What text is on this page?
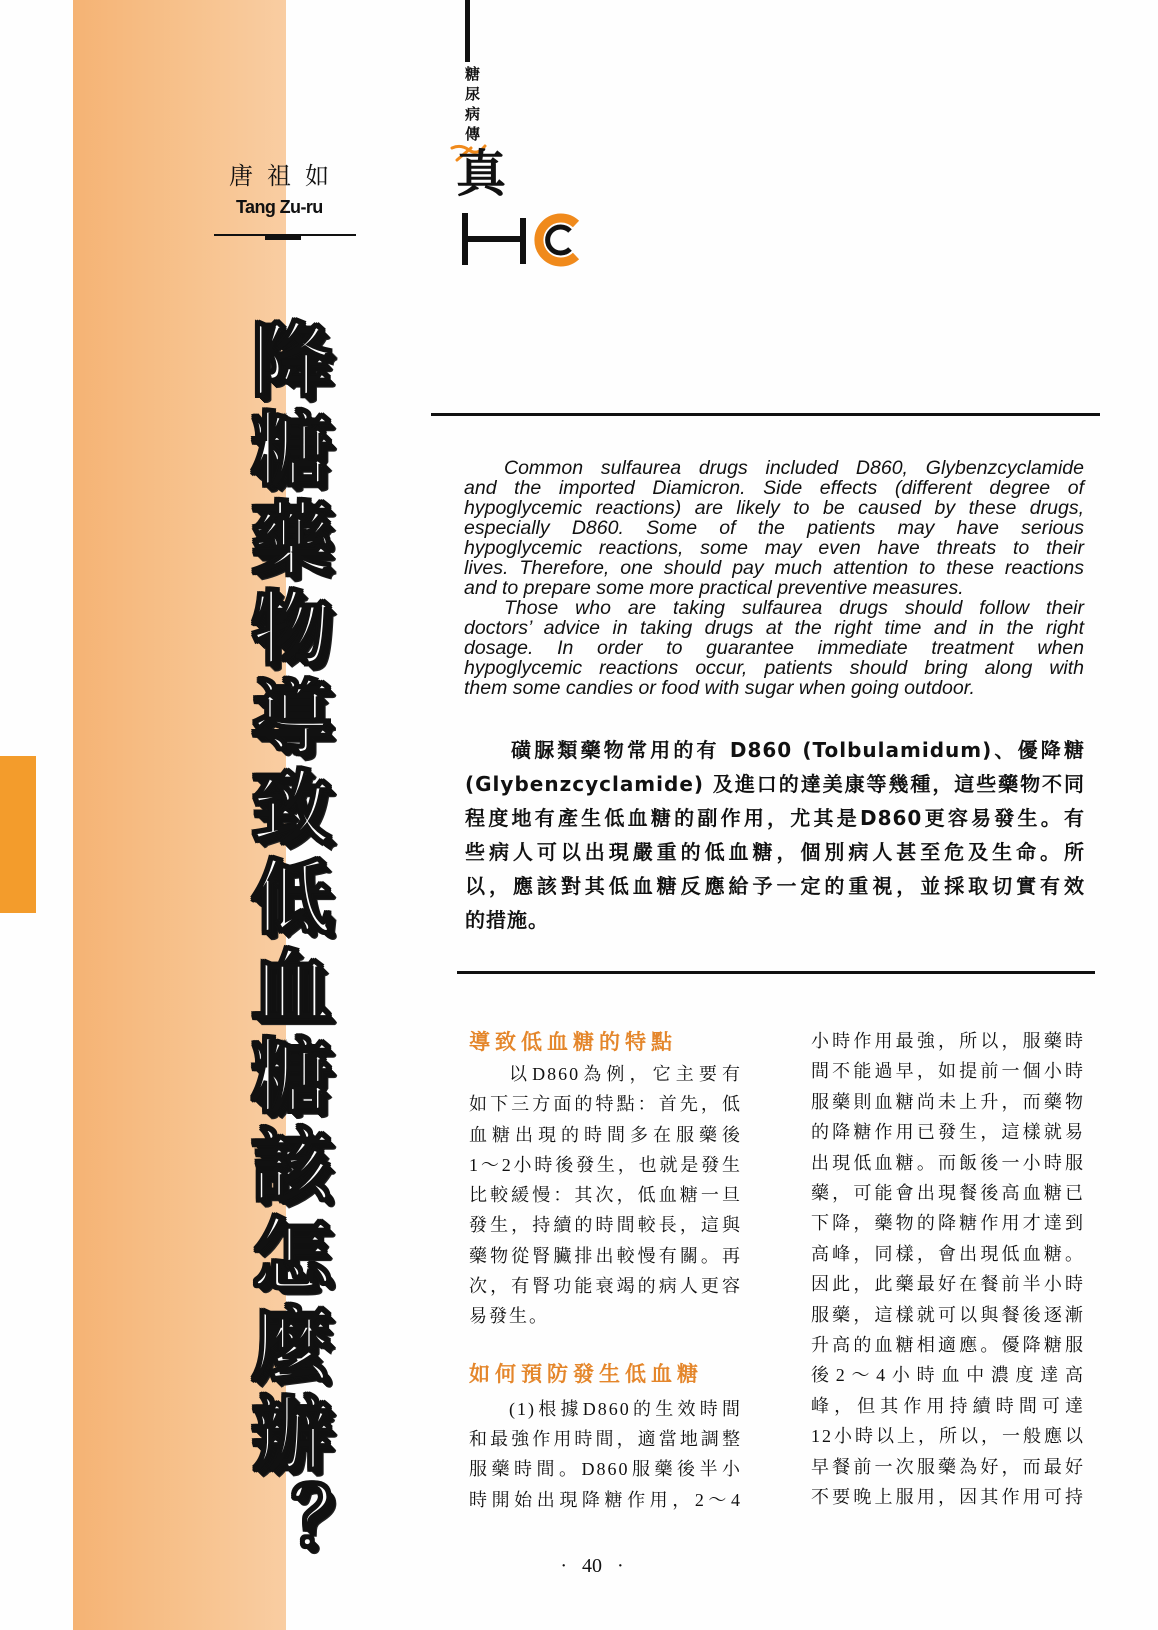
唐祖如
Tang Zu-ru
降糖藥物導致低血糖該怎麼辦？
糖尿病傳
真
Common sulfaurea drugs included D860, Glybenzcyclamide
and the imported Diamicron. Side effects (different degree of
hypoglycemic reactions) are likely to be caused by these drugs,
especially D860. Some of the patients may have serious
hypoglycemic reactions, some may even have threats to their
lives. Therefore, one should pay much attention to these reactions
and to prepare some more practical preventive measures.
Those who are taking sulfaurea drugs should follow their
doctors’ advice in taking drugs at the right time and in the right
dosage. In order to guarantee immediate treatment when
hypoglycemic reactions occur, patients should bring along with
them some candies or food with sugar when going outdoor.
磺脲類藥物常用的有 D860 (Tolbulamidum)、優降糖
(Glybenzcyclamide) 及進口的達美康等幾種，這些藥物不同
程度地有產生低血糖的副作用，尤其是D860更容易發生。有
些病人可以出現嚴重的低血糖，個別病人甚至危及生命。所
以，應該對其低血糖反應給予一定的重視，並採取切實有效
的措施。
導致低血糖的特點
以D860為例，它主要有
如下三方面的特點：首先，低
血糖出現的時間多在服藥後
1～2小時後發生，也就是發生
比較緩慢：其次，低血糖一旦
發生，持續的時間較長，這與
藥物從腎臟排出較慢有關。再
次，有腎功能衰竭的病人更容
易發生。
如何預防發生低血糖
(1)根據D860的生效時間
和最強作用時間，適當地調整
服藥時間。D860服藥後半小
時開始出現降糖作用，2～4
小時作用最強，所以，服藥時
間不能過早，如提前一個小時
服藥則血糖尚未上升，而藥物
的降糖作用已發生，這樣就易
出現低血糖。而飯後一小時服
藥，可能會出現餐後高血糖已
下降，藥物的降糖作用才達到
高峰，同樣，會出現低血糖。
因此，此藥最好在餐前半小時
服藥，這樣就可以與餐後逐漸
升高的血糖相適應。優降糖服
後2～4小時血中濃度達高
峰，但其作用持續時間可達
12小時以上，所以，一般應以
早餐前一次服藥為好，而最好
不要晚上服用，因其作用可持
· 40 ·
